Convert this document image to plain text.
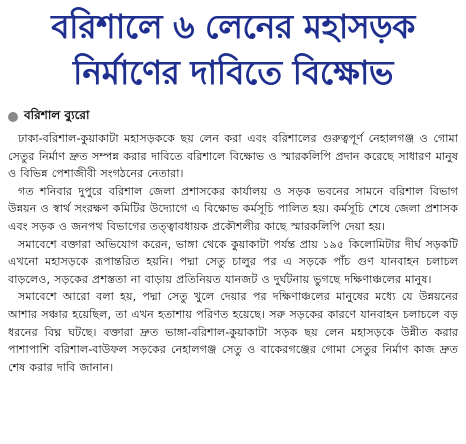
বরিশালে ৬ লেনের মহাসড়ক
নির্মাণের দাবিতে বিক্ষোভ
বরিশাল ব্যুরো

ঢাকা-বরিশাল-কুয়াকাটা মহাসড়ককে ছয় লেন করা এবং বরিশালের গুরুত্বপূর্ণ নেহালগঞ্জ ও গোমা সেতুর নির্মাণ দ্রুত সম্পন্ন করার দাবিতে বরিশালে বিক্ষোভ ও স্মারকলিপি প্রদান করেছে সাধারণ মানুষ ও বিভিন্ন পেশাজীবী সংগঠনের নেতারা।

গত শনিবার দুপুরে বরিশাল জেলা প্রশাসকের কার্যালয় ও সড়ক ভবনের সামনে বরিশাল বিভাগ উন্নয়ন ও স্বার্থ সংরক্ষণ কমিটির উদ্যোগে এ বিক্ষোভ কর্মসূচি পালিত হয়। কর্মসূচি শেষে জেলা প্রশাসক এবং সড়ক ও জনপথ বিভাগের তত্ত্বাবধায়ক প্রকৌশলীর কাছে স্মারকলিপি দেয়া হয়।

সমাবেশে বক্তারা অভিযোগ করেন, ভাঙ্গা থেকে কুয়াকাটা পর্যন্ত প্রায় ১৯৫ কিলোমিটার দীর্ঘ সড়কটি এখনো মহাসড়কে রূপান্তরিত হয়নি। পদ্মা সেতু চালুর পর এ সড়কে পাঁচ গুণ যানবাহন চলাচল বাড়লেও, সড়কের প্রশস্ততা না বাড়ায় প্রতিনিয়ত যানজট ও দুর্ঘটনায় ভুগছে দক্ষিণাঞ্চলের মানুষ।

সমাবেশে আরো বলা হয়, পদ্মা সেতু খুলে দেয়ার পর দক্ষিণাঞ্চলের মানুষের মধ্যে যে উন্নয়নের আশার সঞ্চার হয়েছিল, তা এখন হতাশায় পরিণত হয়েছে। সরু সড়কের কারণে যানবাহন চলাচলে বড় ধরনের বিঘ্ন ঘটছে। বক্তারা দ্রুত ভাঙ্গা-বরিশাল-কুয়াকাটা সড়ক ছয় লেন মহাসড়কে উন্নীত করার পাশাপাশি বরিশাল-বাউফল সড়কের নেহালগঞ্জ সেতু ও বাকেরগঞ্জের গোমা সেতুর নির্মাণ কাজ দ্রুত শেষ করার দাবি জানান।
